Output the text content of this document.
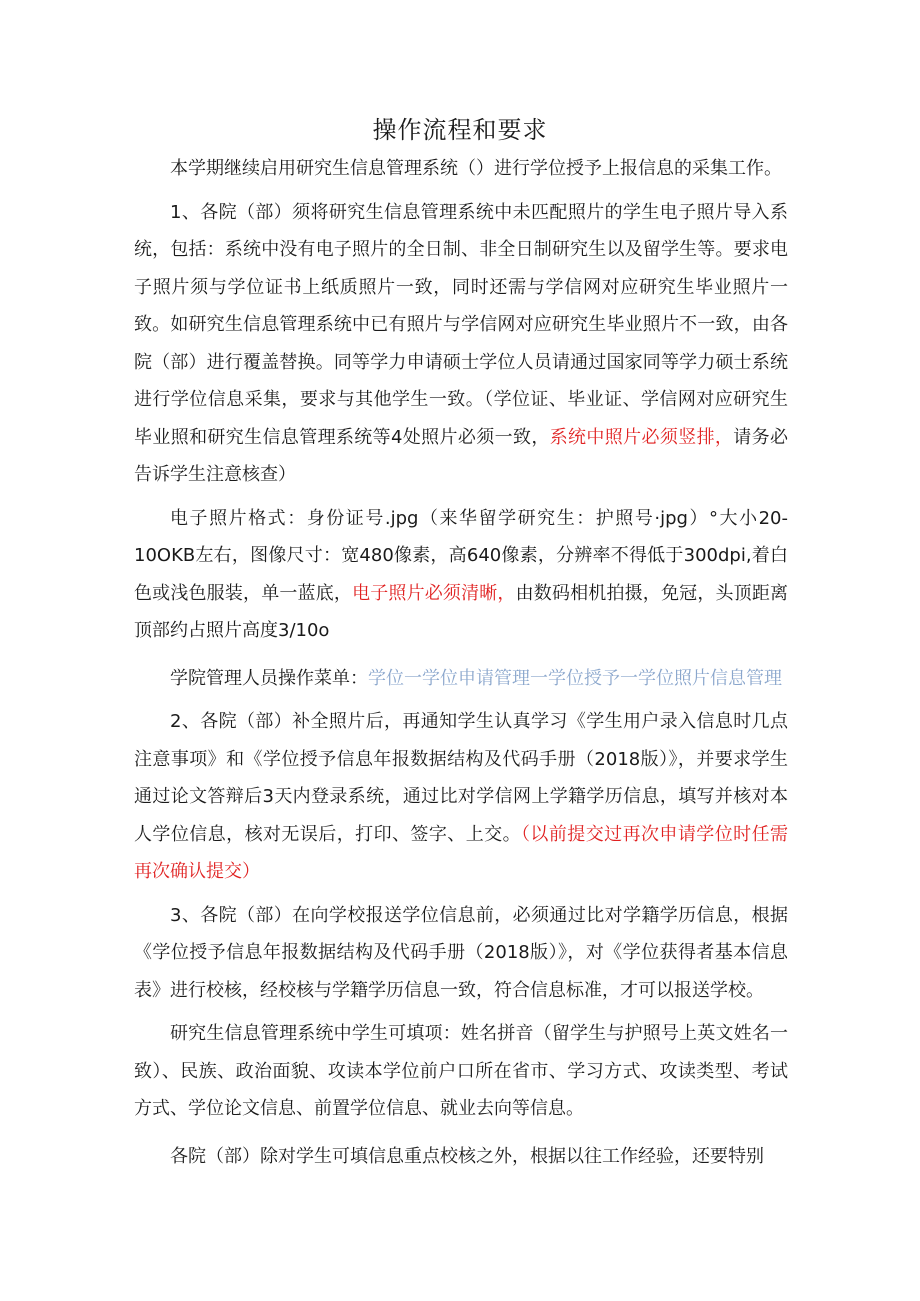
操作流程和要求

本学期继续启用研究生信息管理系统（）进行学位授予上报信息的采集工作。

1、各院（部）须将研究生信息管理系统中未匹配照片的学生电子照片导入系统，包括：系统中没有电子照片的全日制、非全日制研究生以及留学生等。要求电子照片须与学位证书上纸质照片一致，同时还需与学信网对应研究生毕业照片一致。如研究生信息管理系统中已有照片与学信网对应研究生毕业照片不一致，由各院（部）进行覆盖替换。同等学力申请硕士学位人员请通过国家同等学力硕士系统进行学位信息采集，要求与其他学生一致。（学位证、毕业证、学信网对应研究生毕业照和研究生信息管理系统等4处照片必须一致，系统中照片必须竖排，请务必告诉学生注意核查）

电子照片格式：身份证号.jpg（来华留学研究生：护照号·jpg）°大小20-10OKB左右，图像尺寸：宽480像素，高640像素，分辨率不得低于300dpi,着白色或浅色服装，单一蓝底，电子照片必须清晰，由数码相机拍摄，免冠，头顶距离顶部约占照片高度3/10o

学院管理人员操作菜单：学位一学位申请管理一学位授予一学位照片信息管理

2、各院（部）补全照片后，再通知学生认真学习《学生用户录入信息时几点注意事项》和《学位授予信息年报数据结构及代码手册（2018版）》，并要求学生通过论文答辩后3天内登录系统，通过比对学信网上学籍学历信息，填写并核对本人学位信息，核对无误后，打印、签字、上交。（以前提交过再次申请学位时任需再次确认提交）

3、各院（部）在向学校报送学位信息前，必须通过比对学籍学历信息，根据《学位授予信息年报数据结构及代码手册（2018版）》，对《学位获得者基本信息表》进行校核，经校核与学籍学历信息一致，符合信息标准，才可以报送学校。

研究生信息管理系统中学生可填项：姓名拼音（留学生与护照号上英文姓名一致）、民族、政治面貌、攻读本学位前户口所在省市、学习方式、攻读类型、考试方式、学位论文信息、前置学位信息、就业去向等信息。

各院（部）除对学生可填信息重点校核之外，根据以往工作经验，还要特别
